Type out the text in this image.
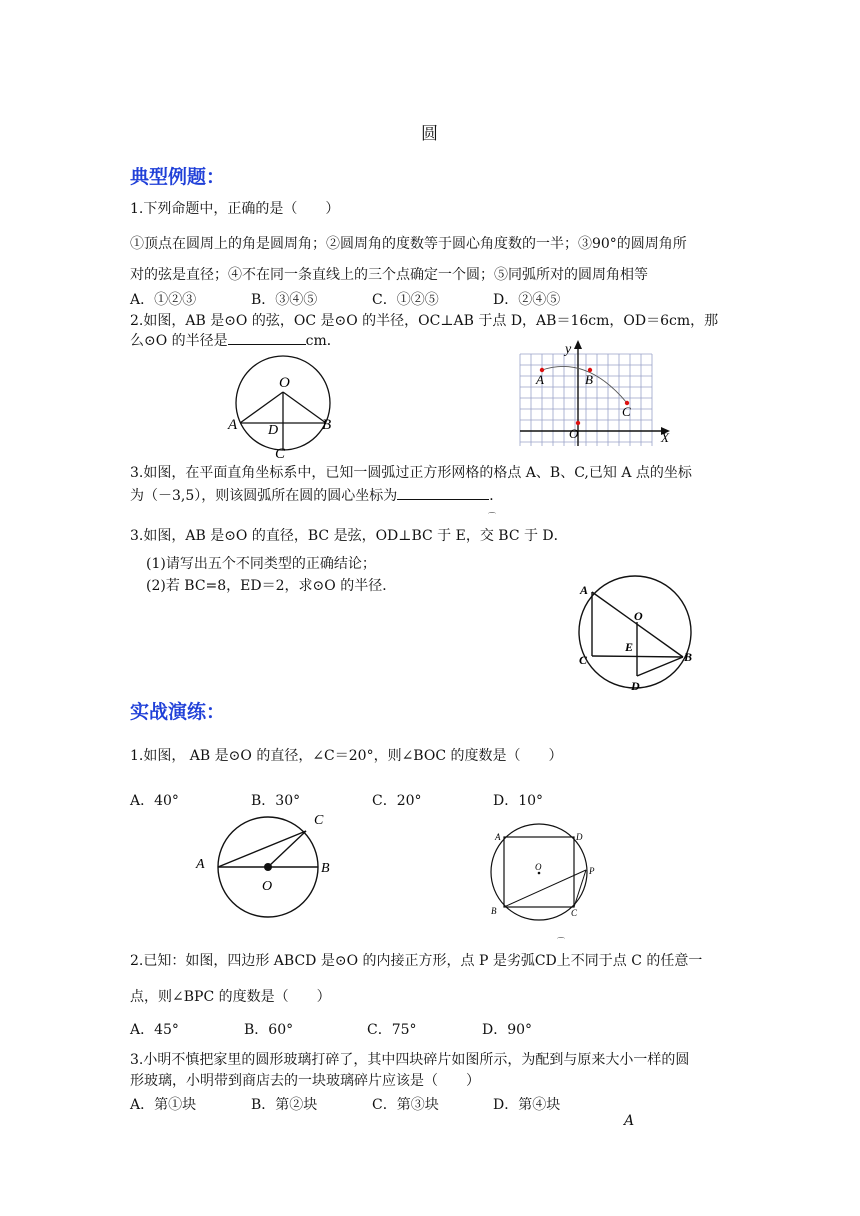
圆
典型例题：
1.下列命题中，正确的是（　　）
①顶点在圆周上的角是圆周角；②圆周角的度数等于圆心角度数的一半；③90°的圆周角所
对的弦是直径；④不在同一条直线上的三个点确定一个圆；⑤同弧所对的圆周角相等
A．①②③	B．③④⑤	C．①②⑤	D．②④⑤
2.如图，AB 是⊙O 的弦，OC 是⊙O 的半径，OC⊥AB 于点 D，AB＝16cm，OD＝6cm，那
么⊙O 的半径是	cm．
O
A	B
D
C
y
X
A	B
C
O
3.如图，在平面直角坐标系中，已知一圆弧过正方形网格的格点 A、B、C,已知 A 点的坐标
为（－3,5），则该圆弧所在圆的圆心坐标为	．
3.如图，AB 是⊙O 的直径，BC 是弦，OD⊥BC 于 E，交 BC 于 D．
⌒
(1)请写出五个不同类型的正确结论；
(2)若 BC=8，ED＝2，求⊙O 的半径．	A
O
E
C	B
D
实战演练：
1.如图， AB 是⊙O 的直径，∠C＝20°，则∠BOC 的度数是（　　）
A．40°	B．30°	C．20°	D．10°
A	B
C
O
A	D
O	P
B	C
2.已知：如图，四边形 ABCD 是⊙O 的内接正方形，点 P 是劣弧CD上不同于点 C 的任意一
⌒
点，则∠BPC 的度数是（　　）
A．45°	B．60°	C．75°	D．90°
3.小明不慎把家里的圆形玻璃打碎了，其中四块碎片如图所示，为配到与原来大小一样的圆
形玻璃，小明带到商店去的一块玻璃碎片应该是（　　）
A．第①块	B．第②块	C．第③块	D．第④块
A
